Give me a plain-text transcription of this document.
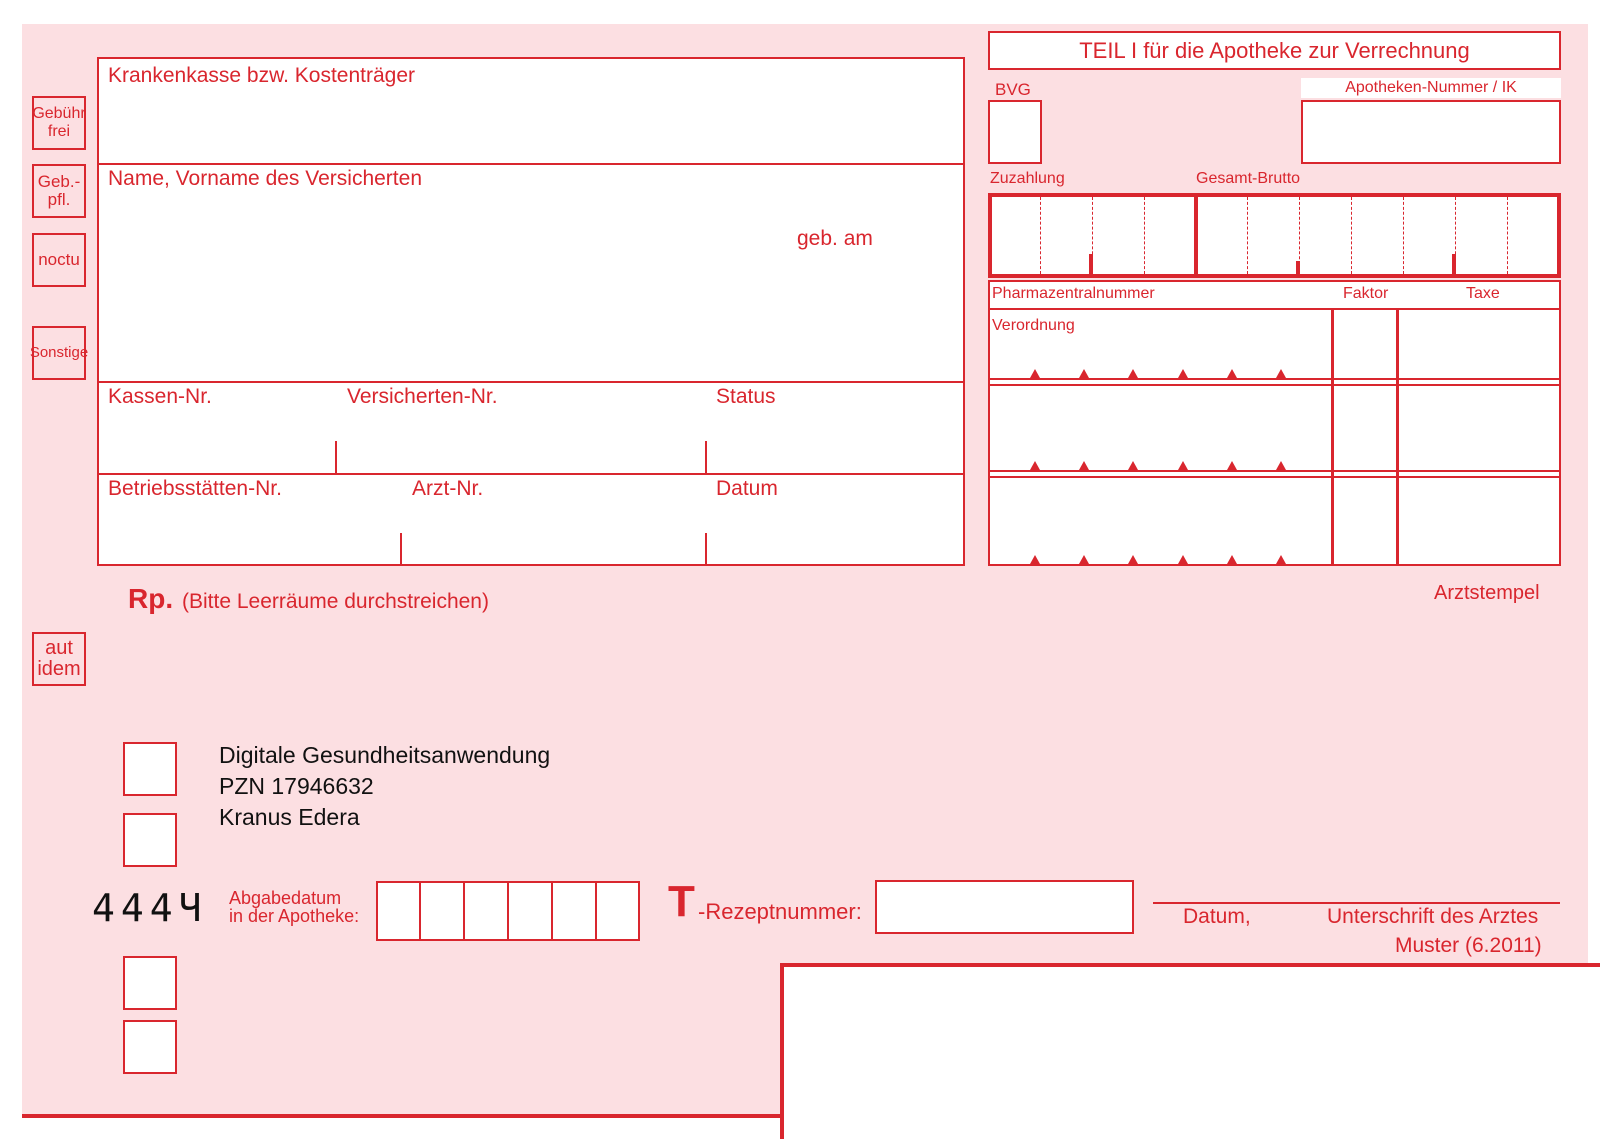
Gebühr
frei
Geb.-
pfl.
noctu
Sonstige
aut
idem
Krankenkasse bzw. Kostenträger
Name, Vorname des Versicherten
geb. am
Kassen-Nr.	Versicherten-Nr.	Status
Betriebsstätten-Nr.	Arzt-Nr.	Datum
TEIL I für die Apotheke zur Verrechnung
BVG	Apotheken-Nummer / IK
Zuzahlung	Gesamt-Brutto
Pharmazentralnummer	Faktor	Taxe
Verordnung
Rp. (Bitte Leerräume durchstreichen)	Arztstempel
Digitale Gesundheitsanwendung
PZN 17946632
Kranus Edera
444Ч Abgabedatum
in der Apotheke:	T -Rezeptnummer:	Datum,	Unterschrift des Arztes
Muster (6.2011)
